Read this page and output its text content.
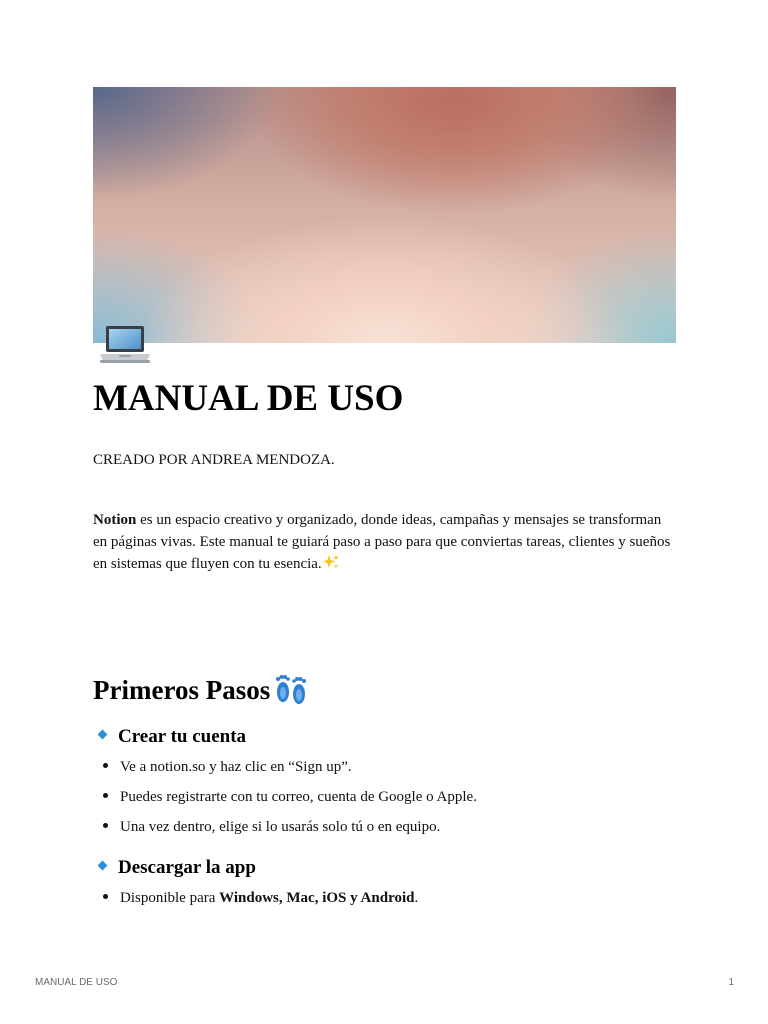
MANUAL DE USO

CREADO POR ANDREA MENDOZA.

Notion es un espacio creativo y organizado, donde ideas, campañas y mensajes se transforman en páginas vivas. Este manual te guiará paso a paso para que conviertas tareas, clientes y sueños en sistemas que fluyen con tu esencia.

Primeros Pasos
Crear tu cuenta

Ve a notion.so y haz clic en “Sign up”.

Puedes registrarte con tu correo, cuenta de Google o Apple.

Una vez dentro, elige si lo usarás solo tú o en equipo.

Descargar la app

Disponible para Windows, Mac, iOS y Android.

MANUAL DE USO	1
